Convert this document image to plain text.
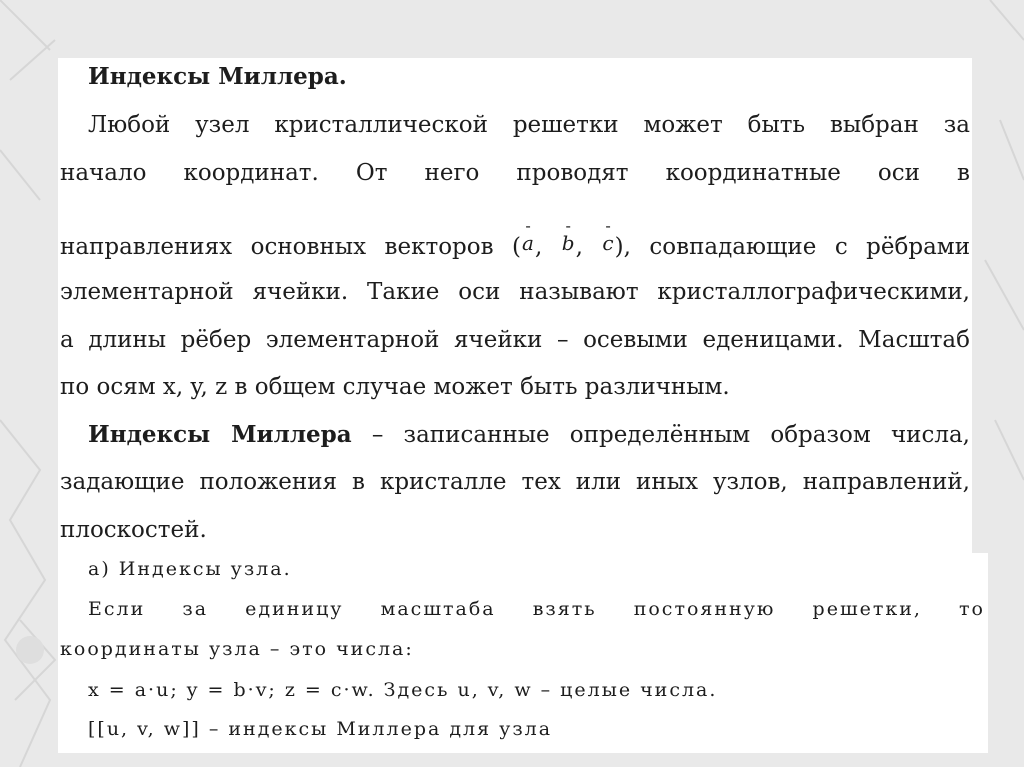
Индексы Миллера.
Любой узел кристаллической решетки может быть выбран за
начало координат. От него проводят координатные оси в
направлениях основных векторов (
-
a,
-
b,
-
c), совпадающие с рёбрами
элементарной ячейки. Такие оси называют кристаллографическими,
а длины рёбер элементарной ячейки – осевыми еденицами. Масштаб
по осям x, y, z в общем случае может быть различным.
Индексы Миллера – записанные определённым образом числа,
задающие положения в кристалле тех или иных узлов, направлений,
плоскостей.
а) Индексы узла.
Если за единицу масштаба взять постоянную решетки, то
координаты узла – это числа:
x = a·u; y = b·v; z = c·w. Здесь u, v, w – целые числа.
[[u, v, w]] – индексы Миллера для узла
